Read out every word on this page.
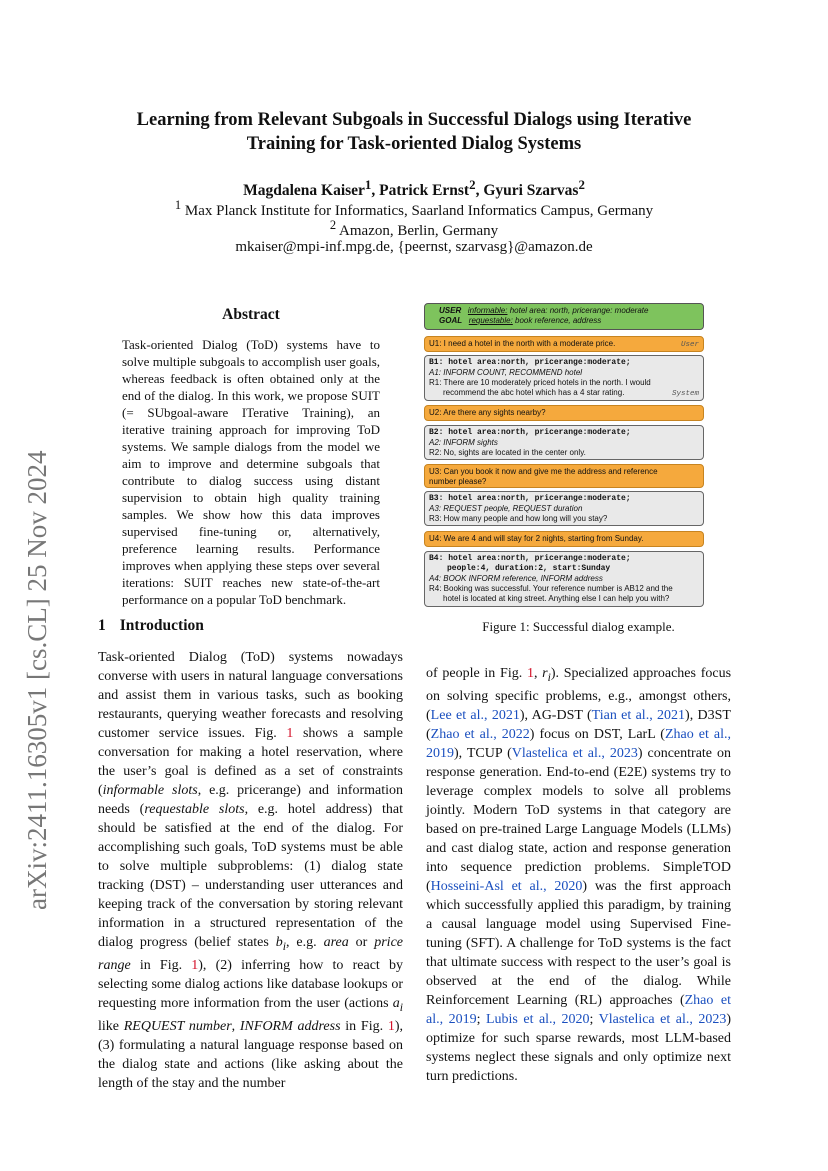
arXiv:2411.16305v1 [cs.CL] 25 Nov 2024
Learning from Relevant Subgoals in Successful Dialogs using Iterative
Training for Task-oriented Dialog Systems
Magdalena Kaiser$^1$, Patrick Ernst$^2$, Gyuri Szarvas$^2$
$^1$ Max Planck Institute for Informatics, Saarland Informatics Campus, Germany
$^2$ Amazon, Berlin, Germany
mkaiser@mpi-inf.mpg.de, {peernst, szarvasg}@amazon.de
Abstract
Task-oriented Dialog (ToD) systems have to solve multiple subgoals to accomplish user goals, whereas feedback is often obtained only at the end of the dialog. In this work, we propose SUIT (= SUbgoal-aware ITerative Training), an iterative training approach for improving ToD systems. We sample dialogs from the model we aim to improve and determine subgoals that contribute to dialog success using distant supervision to obtain high quality training samples. We show how this data improves supervised fine-tuning or, alternatively, preference learning results. Performance improves when applying these steps over several iterations: SUIT reaches new state-of-the-art performance on a popular ToD benchmark.
USER informable: hotel area: north, pricerange: moderate
GOAL requestable: book reference, address
U1: I need a hotel in the north with a moderate price.	User
B1: hotel area:north, pricerange:moderate;
A1: INFORM COUNT, RECOMMEND hotel
R1: There are 10 moderately priced hotels in the north. I would
recommend the abc hotel which has a 4 star rating.	System
U2: Are there any sights nearby?
B2: hotel area:north, pricerange:moderate;
A2: INFORM sights
R2: No, sights are located in the center only.
U3: Can you book it now and give me the address and reference
number please?
B3: hotel area:north, pricerange:moderate;
A3: REQUEST people, REQUEST duration
R3: How many people and how long will you stay?
U4: We are 4 and will stay for 2 nights, starting from Sunday.
B4: hotel area:north, pricerange:moderate;
people:4, duration:2, start:Sunday
A4: BOOK INFORM reference, INFORM address
R4: Booking was successful. Your reference number is AB12 and the
hotel is located at king street. Anything else I can help you with?
Figure 1: Successful dialog example.
1 Introduction
Task-oriented Dialog (ToD) systems nowadays converse with users in natural language conversations and assist them in various tasks, such as booking restaurants, querying weather forecasts and resolving customer service issues. Fig. 1 shows a sample conversation for making a hotel reservation, where the user’s goal is defined as a set of constraints (informable slots, e.g. pricerange) and information needs (requestable slots, e.g. hotel address) that should be satisfied at the end of the dialog. For accomplishing such goals, ToD systems must be able to solve multiple subproblems: (1) dialog state tracking (DST) – understanding user utterances and keeping track of the conversation by storing relevant information in a structured representation of the dialog progress (belief states $b_i$, e.g. area or price range in Fig. 1), (2) inferring how to react by selecting some dialog actions like database lookups or requesting more information from the user (actions $a_i$ like REQUEST number, INFORM address in Fig. 1), (3) formulating a natural language response based on the dialog state and actions (like asking about the length of the stay and the number
of people in Fig. 1, $r_i$). Specialized approaches focus on solving specific problems, e.g., amongst others, (Lee et al., 2021), AG-DST (Tian et al., 2021), D3ST (Zhao et al., 2022) focus on DST, LarL (Zhao et al., 2019), TCUP (Vlastelica et al., 2023) concentrate on response generation. End-to-end (E2E) systems try to leverage complex models to solve all problems jointly. Modern ToD systems in that category are based on pre-trained Large Language Models (LLMs) and cast dialog state, action and response generation into sequence prediction problems. SimpleTOD (Hosseini-Asl et al., 2020) was the first approach which successfully applied this paradigm, by training a causal language model using Supervised Fine-tuning (SFT). A challenge for ToD systems is the fact that ultimate success with respect to the user’s goal is observed at the end of the dialog. While Reinforcement Learning (RL) approaches (Zhao et al., 2019; Lubis et al., 2020; Vlastelica et al., 2023) optimize for such sparse rewards, most LLM-based systems neglect these signals and only optimize next turn predictions.
